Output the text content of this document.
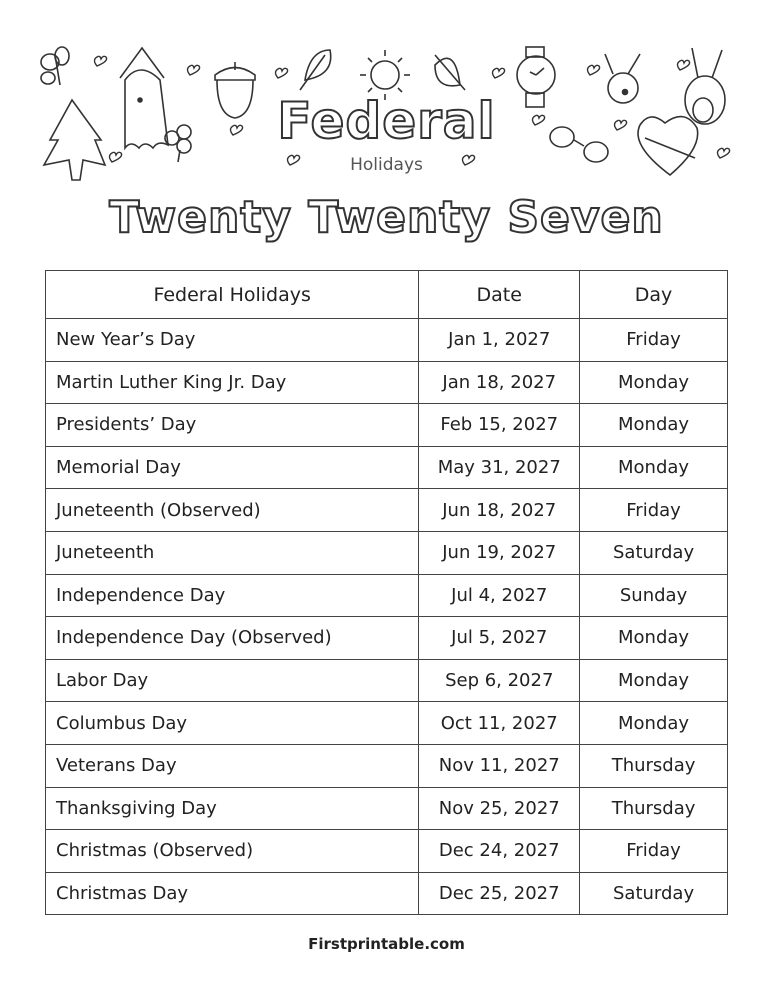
Federal
Holidays
Twenty Twenty Seven
Federal Holidays	Date	Day
New Year’s Day	Jan 1, 2027	Friday
Martin Luther King Jr. Day	Jan 18, 2027	Monday
Presidents’ Day	Feb 15, 2027	Monday
Memorial Day	May 31, 2027	Monday
Juneteenth (Observed)	Jun 18, 2027	Friday
Juneteenth	Jun 19, 2027	Saturday
Independence Day	Jul 4, 2027	Sunday
Independence Day (Observed)	Jul 5, 2027	Monday
Labor Day	Sep 6, 2027	Monday
Columbus Day	Oct 11, 2027	Monday
Veterans Day	Nov 11, 2027	Thursday
Thanksgiving Day	Nov 25, 2027	Thursday
Christmas (Observed)	Dec 24, 2027	Friday
Christmas Day	Dec 25, 2027	Saturday
Firstprintable.com
